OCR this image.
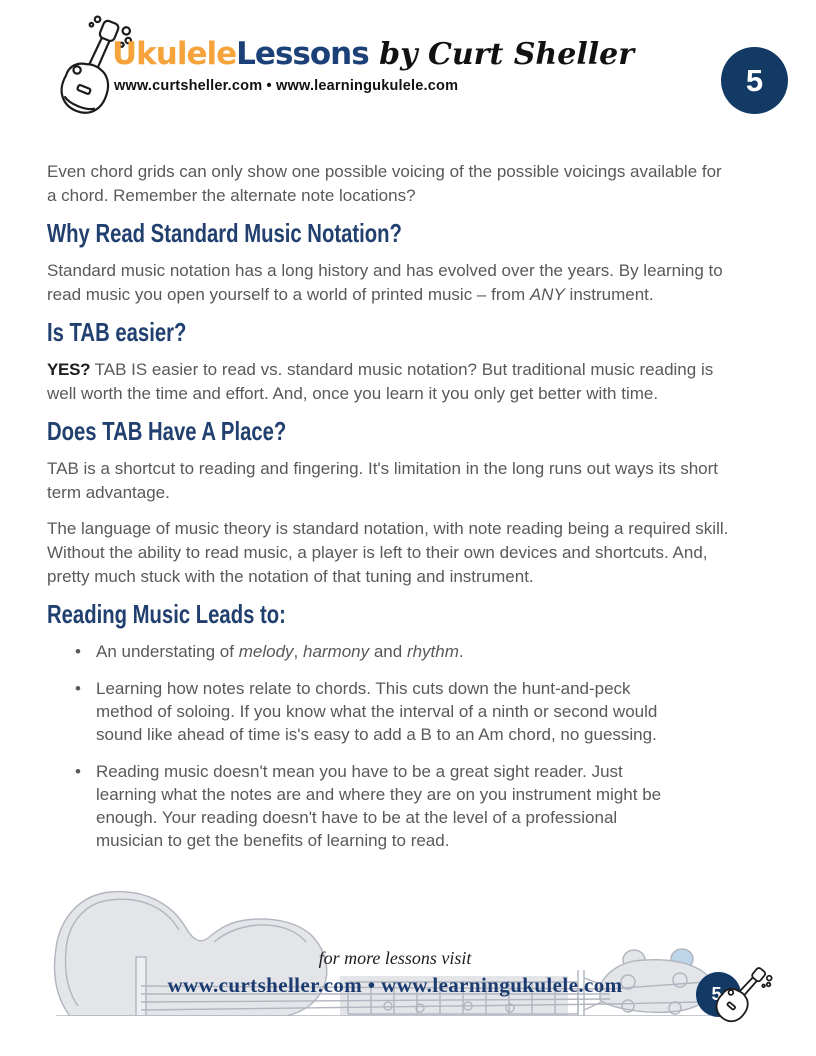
UkuleleLessons by Curt Sheller
www.curtsheller.com • www.learningukulele.com	5

Even chord grids can only show one possible voicing of the possible voicings available for a chord. Remember the alternate note locations?

Why Read Standard Music Notation?

Standard music notation has a long history and has evolved over the years. By learning to read music you open yourself to a world of printed music – from ANY instrument.

Is TAB easier?

YES? TAB IS easier to read vs. standard music notation? But traditional music reading is well worth the time and effort. And, once you learn it you only get better with time.

Does TAB Have A Place?

TAB is a shortcut to reading and fingering. It's limitation in the long runs out ways its short term advantage.

The language of music theory is standard notation, with note reading being a required skill. Without the ability to read music, a player is left to their own devices and shortcuts. And, pretty much stuck with the notation of that tuning and instrument.

Reading Music Leads to:
• An understating of melody, harmony and rhythm.
• Learning how notes relate to chords. This cuts down the hunt-and-peck method of soloing. If you know what the interval of a ninth or second would sound like ahead of time is's easy to add a B to an Am chord, no guessing.
• Reading music doesn't mean you have to be a great sight reader. Just learning what the notes are and where they are on you instrument might be enough. Your reading doesn't have to be at the level of a professional musician to get the benefits of learning to read.
for more lessons visit
www.curtsheller.com • www.learningukulele.com	5
